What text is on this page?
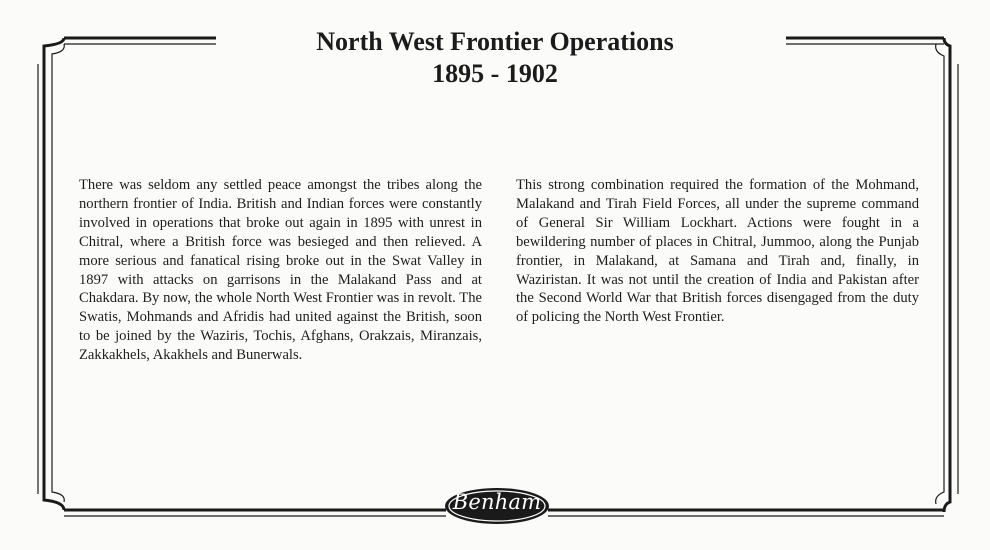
North West Frontier Operations
1895 - 1902

There was seldom any settled peace amongst the tribes along the northern frontier of India. British and Indian forces were constantly involved in operations that broke out again in 1895 with unrest in Chitral, where a British force was besieged and then relieved. A more serious and fanatical rising broke out in the Swat Valley in 1897 with attacks on garrisons in the Malakand Pass and at Chakdara. By now, the whole North West Frontier was in revolt. The Swatis, Mohmands and Afridis had united against the British, soon to be joined by the Waziris, Tochis, Afghans, Orakzais, Miranzais, Zakkakhels, Akakhels and Bunerwals.

This strong combination required the formation of the Mohmand, Malakand and Tirah Field Forces, all under the supreme command of General Sir William Lockhart. Actions were fought in a bewildering number of places in Chitral, Jummoo, along the Punjab frontier, in Malakand, at Samana and Tirah and, finally, in Waziristan. It was not until the creation of India and Pakistan after the Second World War that British forces disengaged from the duty of policing the North West Frontier.

Benham
